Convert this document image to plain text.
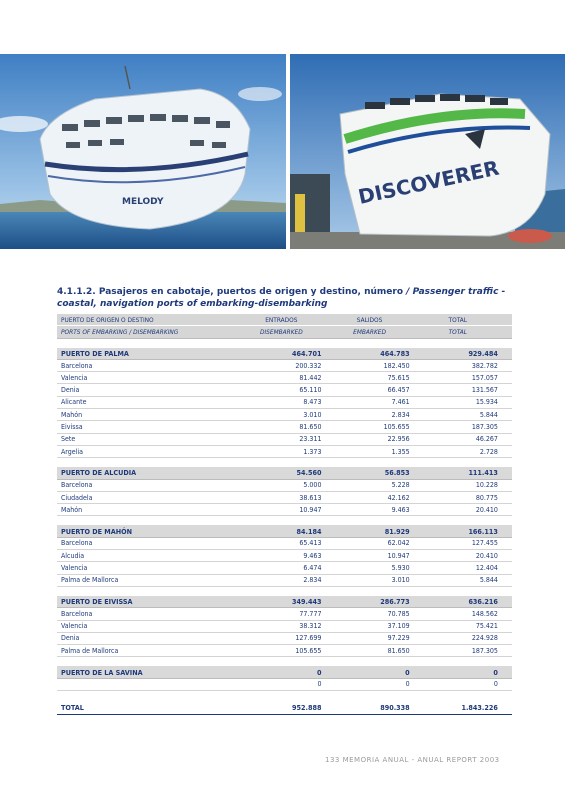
MELODY	DISCOVERER
4.1.1.2. Pasajeros en cabotaje, puertos de origen y destino, número / Passenger traffic - coastal, navigation ports of embarking-disembarking
PUERTO DE ORIGEN O DESTINO	ENTRADOS	SALIDOS	TOTAL	
PORTS OF EMBARKING / DISEMBARKING	DISEMBARKED	EMBARKED	TOTAL	

PUERTO DE PALMA	464.701	464.783	929.484	
Barcelona	200.332	182.450	382.782	
Valencia	81.442	75.615	157.057	
Denia	65.110	66.457	131.567	
Alicante	8.473	7.461	15.934	
Mahón	3.010	2.834	5.844	
Eivissa	81.650	105.655	187.305	
Sete	23.311	22.956	46.267	
Argelia	1.373	1.355	2.728	

PUERTO DE ALCUDIA	54.560	56.853	111.413	
Barcelona	5.000	5.228	10.228	
Ciudadela	38.613	42.162	80.775	
Mahón	10.947	9.463	20.410	

PUERTO DE MAHÓN	84.184	81.929	166.113	
Barcelona	65.413	62.042	127.455	
Alcudia	9.463	10.947	20.410	
Valencia	6.474	5.930	12.404	
Palma de Mallorca	2.834	3.010	5.844	

PUERTO DE EIVISSA	349.443	286.773	636.216	
Barcelona	77.777	70.785	148.562	
Valencia	38.312	37.109	75.421	
Denia	127.699	97.229	224.928	
Palma de Mallorca	105.655	81.650	187.305	

PUERTO DE LA SAVINA	0	0	0	
	0	0	0	

TOTAL	952.888	890.338	1.843.226	
133 MEMORIA ANUAL - ANUAL REPORT 2003
